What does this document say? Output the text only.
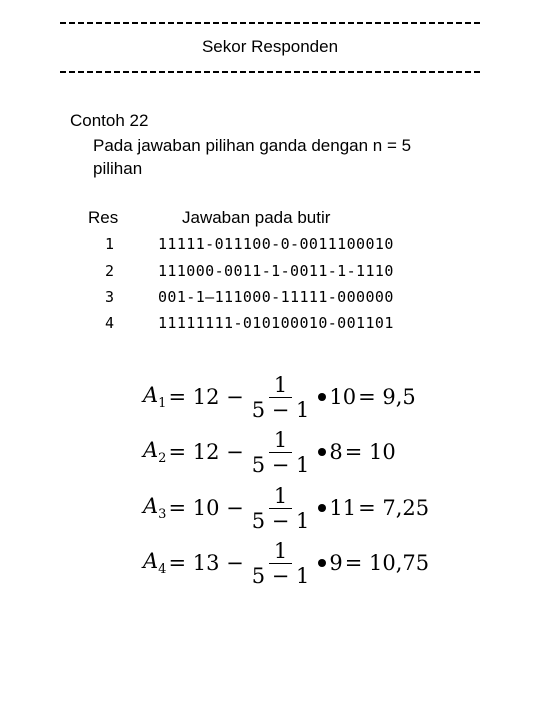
Sekor Responden
Contoh 22
Pada jawaban pilihan ganda dengan n = 5 pilihan
Res	Jawaban pada butir
1	11111-011100-0-0011100010
2	111000-0011-1-0011-1-1110
3	001-1—111000-11111-000000
4	11111111-010100010-001101
$A_1 = 12 - \frac{1}{5 - 1} 10 = 9,5$
$A_2 = 12 - \frac{1}{5 - 1} 8 = 10$
$A_3 = 10 - \frac{1}{5 - 1} 11 = 7,25$
$A_4 = 13 - \frac{1}{5 - 1} 9 = 10,75$
